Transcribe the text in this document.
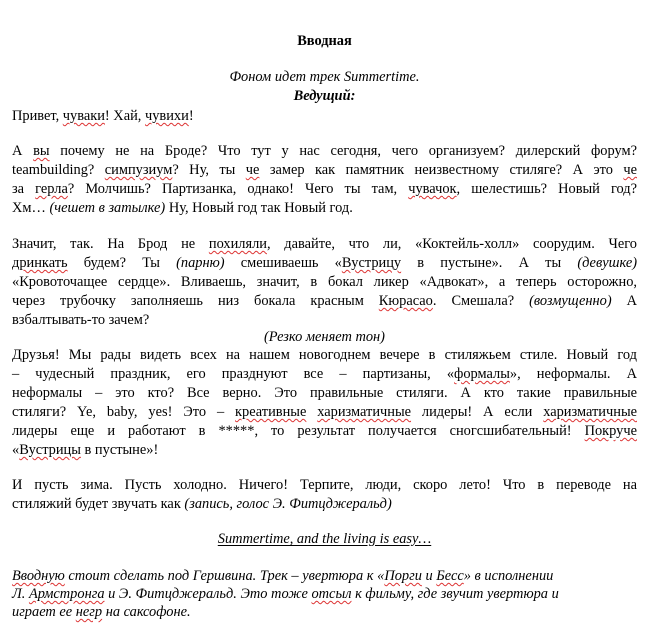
Вводная
Фоном идет трек Summertime.
Ведущий:
Привет, чуваки! Хай, чувихи!
А вы почему не на Броде? Что тут у нас сегодня, чего организуем? дилерский форум?
teambuilding? симпузиум? Ну, ты че замер как памятник неизвестному стиляге? А это че
за герла? Молчишь? Партизанка, однако! Чего ты там, чувачок, шелестишь? Новый год?
Хм… (чешет в затылке) Ну, Новый год так Новый год.
Значит, так. На Брод не похиляли, давайте, что ли, «Коктейль-холл» соорудим. Чего
дринкать будем? Ты (парню) смешиваешь «Вустрицу в пустыне». А ты (девушке)
«Кровоточащее сердце». Вливаешь, значит, в бокал ликер «Адвокат», а теперь осторожно,
через трубочку заполняешь низ бокала красным Кюрасао. Смешала? (возмущенно) А
взбалтывать-то зачем?
(Резко меняет тон)
Друзья! Мы рады видеть всех на нашем новогоднем вечере в стиляжьем стиле. Новый год
– чудесный праздник, его празднуют все – партизаны, «формалы», неформалы. А
неформалы – это кто? Все верно. Это правильные стиляги. А кто такие правильные
стиляги? Ye, baby, yes! Это – креативные харизматичные лидеры! А если харизматичные
лидеры еще и работают в *****, то результат получается сногсшибательный! Покруче
«Вустрицы в пустыне»!
И пусть зима. Пусть холодно. Ничего! Терпите, люди, скоро лето! Что в переводе на
стиляжий будет звучать как (запись, голос Э. Фитцджеральд)
Summertime, and the living is easy…
Вводную стоит сделать под Гершвина. Трек – увертюра к «Порги и Бесс» в исполнении
Л. Армстронга и Э. Фитцджеральд. Это тоже отсыл к фильму, где звучит увертюра и
играет ее негр на саксофоне.
